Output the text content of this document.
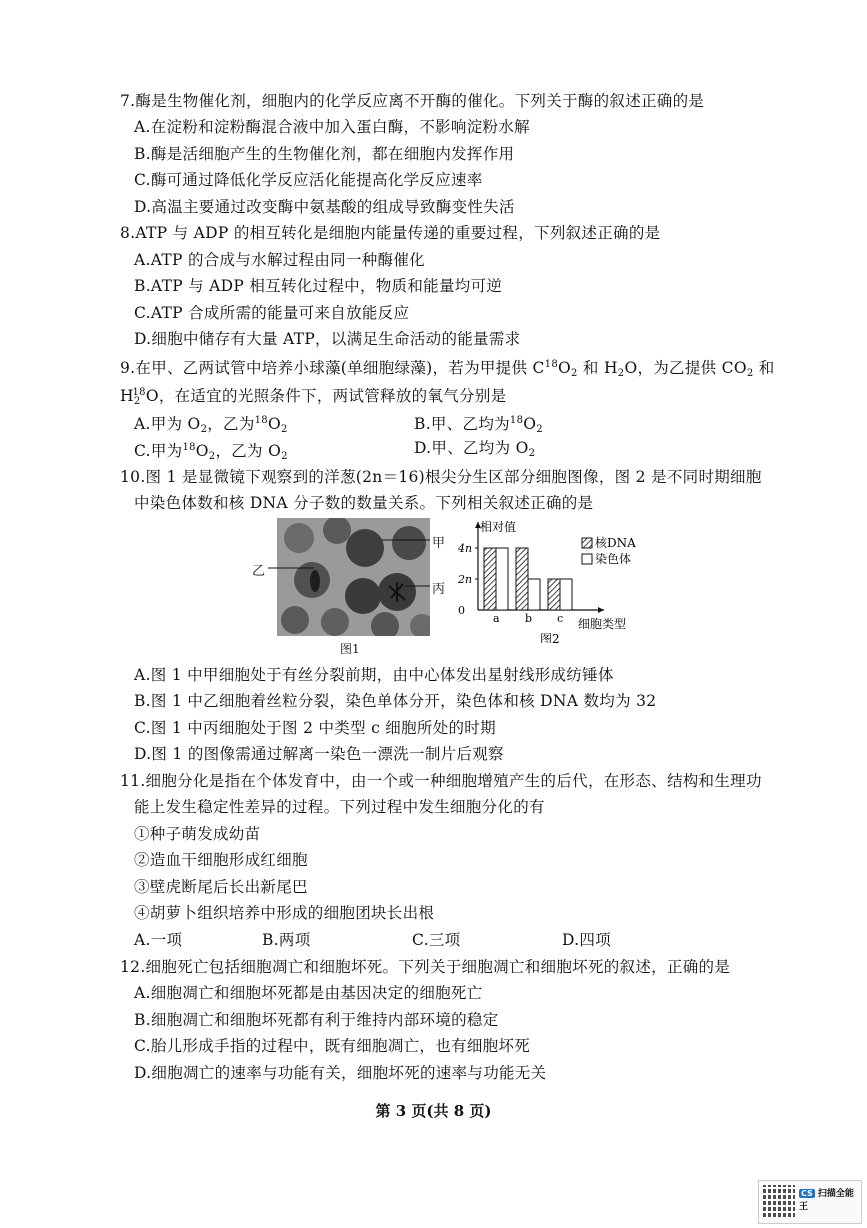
7.酶是生物催化剂，细胞内的化学反应离不开酶的催化。下列关于酶的叙述正确的是
A.在淀粉和淀粉酶混合液中加入蛋白酶，不影响淀粉水解
B.酶是活细胞产生的生物催化剂，都在细胞内发挥作用
C.酶可通过降低化学反应活化能提高化学反应速率
D.高温主要通过改变酶中氨基酸的组成导致酶变性失活
8.ATP 与 ADP 的相互转化是细胞内能量传递的重要过程，下列叙述正确的是
A.ATP 的合成与水解过程由同一种酶催化
B.ATP 与 ADP 相互转化过程中，物质和能量均可逆
C.ATP 合成所需的能量可来自放能反应
D.细胞中储存有大量 ATP，以满足生命活动的能量需求
9.在甲、乙两试管中培养小球藻(单细胞绿藻)，若为甲提供 $C^{18}O_2$ 和 $H_2O$，为乙提供 $CO_2$ 和
$H_2^{18}O$，在适宜的光照条件下，两试管释放的氧气分别是
A.甲为 $O_2$，乙为$^{18}O_2$	B.甲、乙均为$^{18}O_2$
C.甲为$^{18}O_2$，乙为 $O_2$	D.甲、乙均为 $O_2$
10.图 1 是显微镜下观察到的洋葱(2n＝16)根尖分生区部分细胞图像，图 2 是不同时期细胞
中染色体数和核 DNA 分子数的数量关系。下列相关叙述正确的是
甲
乙
丙
图1
相对值
细胞类型
图2
0
2n
4n
a b c
核DNA
染色体
A.图 1 中甲细胞处于有丝分裂前期，由中心体发出星射线形成纺锤体
B.图 1 中乙细胞着丝粒分裂，染色单体分开，染色体和核 DNA 数均为 32
C.图 1 中丙细胞处于图 2 中类型 c 细胞所处的时期
D.图 1 的图像需通过解离一染色一漂洗一制片后观察
11.细胞分化是指在个体发育中，由一个或一种细胞增殖产生的后代，在形态、结构和生理功
能上发生稳定性差异的过程。下列过程中发生细胞分化的有
①种子萌发成幼苗
②造血干细胞形成红细胞
③壁虎断尾后长出新尾巴
④胡萝卜组织培养中形成的细胞团块长出根
A.一项	B.两项	C.三项	D.四项
12.细胞死亡包括细胞凋亡和细胞坏死。下列关于细胞凋亡和细胞坏死的叙述，正确的是
A.细胞凋亡和细胞坏死都是由基因决定的细胞死亡
B.细胞凋亡和细胞坏死都有利于维持内部环境的稳定
C.胎儿形成手指的过程中，既有细胞凋亡，也有细胞坏死
D.细胞凋亡的速率与功能有关，细胞坏死的速率与功能无关
第 3 页(共 8 页)
CS 扫描全能王
